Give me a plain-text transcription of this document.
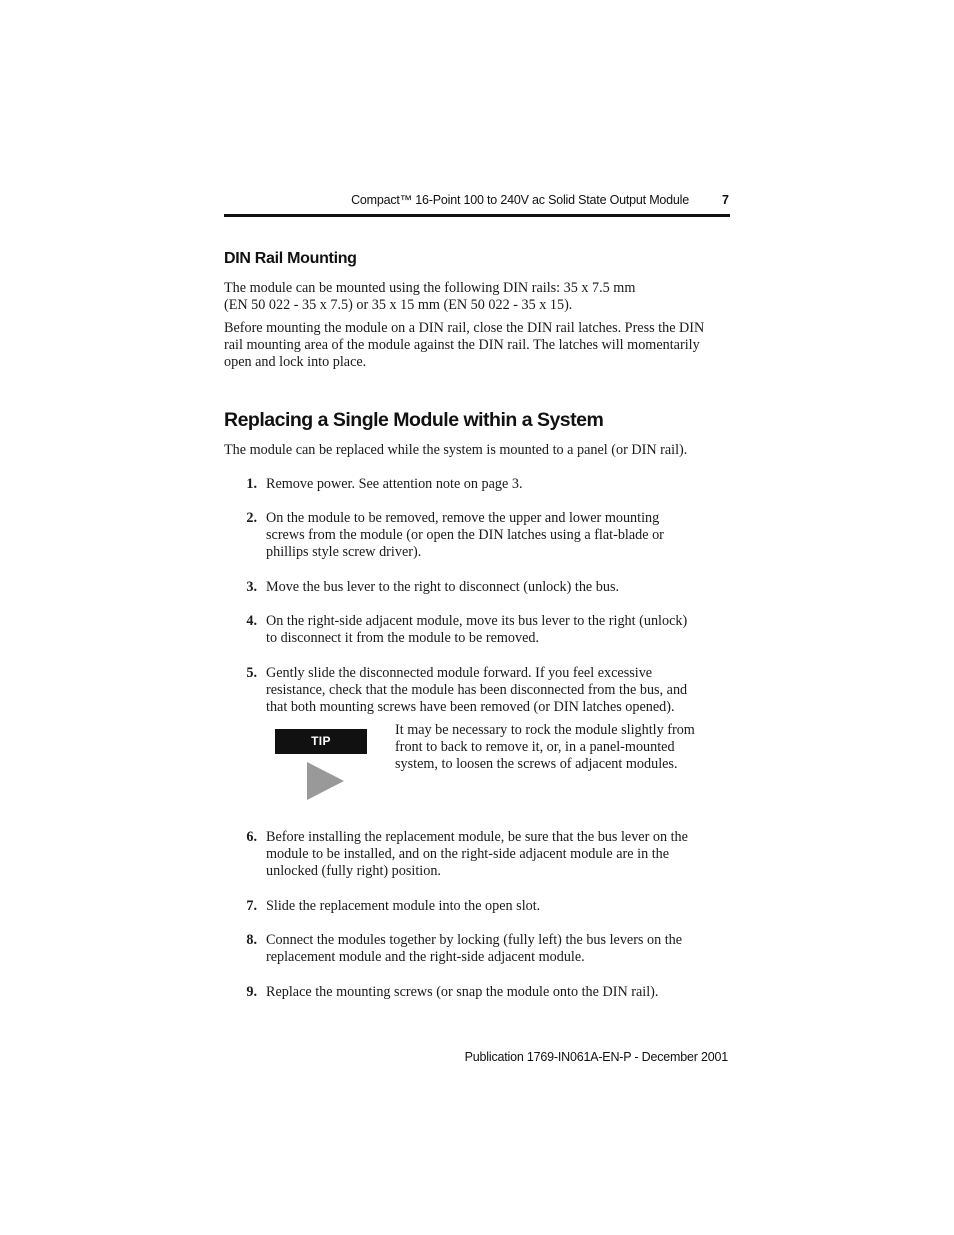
Compact™ 16-Point 100 to 240V ac Solid State Output Module	7
DIN Rail Mounting
The module can be mounted using the following DIN rails: 35 x 7.5 mm
(EN 50 022 - 35 x 7.5) or 35 x 15 mm (EN 50 022 - 35 x 15).
Before mounting the module on a DIN rail, close the DIN rail latches. Press the DIN
rail mounting area of the module against the DIN rail. The latches will momentarily
open and lock into place.
Replacing a Single Module within a System
The module can be replaced while the system is mounted to a panel (or DIN rail).
1. Remove power. See attention note on page 3.
2. On the module to be removed, remove the upper and lower mounting
screws from the module (or open the DIN latches using a flat-blade or
phillips style screw driver).
3. Move the bus lever to the right to disconnect (unlock) the bus.
4. On the right-side adjacent module, move its bus lever to the right (unlock)
to disconnect it from the module to be removed.
5. Gently slide the disconnected module forward. If you feel excessive
resistance, check that the module has been disconnected from the bus, and
that both mounting screws have been removed (or DIN latches opened).
TIP
It may be necessary to rock the module slightly from
front to back to remove it, or, in a panel-mounted
system, to loosen the screws of adjacent modules.
6. Before installing the replacement module, be sure that the bus lever on the
module to be installed, and on the right-side adjacent module are in the
unlocked (fully right) position.
7. Slide the replacement module into the open slot.
8. Connect the modules together by locking (fully left) the bus levers on the
replacement module and the right-side adjacent module.
9. Replace the mounting screws (or snap the module onto the DIN rail).
Publication 1769-IN061A-EN-P - December 2001
